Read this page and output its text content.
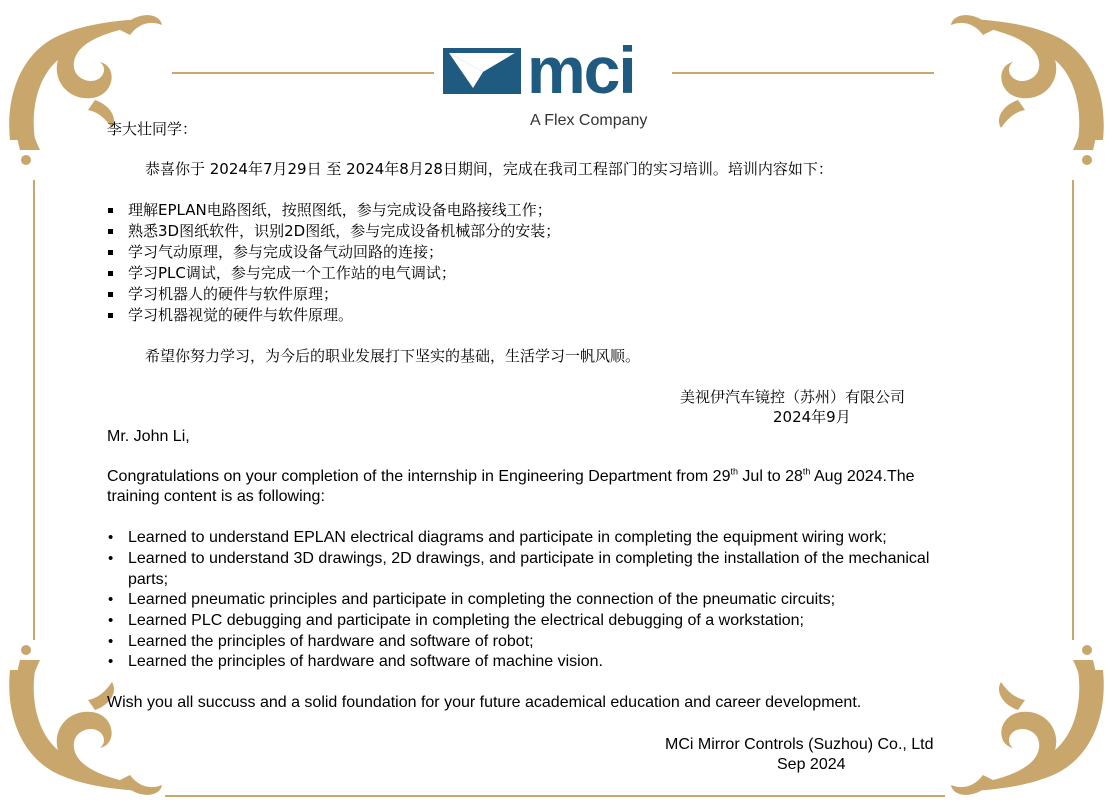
mci
A Flex Company
李大壮同学：
恭喜你于 2024年7月29日 至 2024年8月28日期间，完成在我司工程部门的实习培训。培训内容如下：
理解EPLAN电路图纸，按照图纸，参与完成设备电路接线工作；
熟悉3D图纸软件，识别2D图纸，参与完成设备机械部分的安装；
学习气动原理，参与完成设备气动回路的连接；
学习PLC调试，参与完成一个工作站的电气调试；
学习机器人的硬件与软件原理；
学习机器视觉的硬件与软件原理。
希望你努力学习，为今后的职业发展打下坚实的基础，生活学习一帆风顺。
美视伊汽车镜控（苏州）有限公司
2024年9月
Mr. John Li,
Congratulations on your completion of the internship in Engineering Department from 29th Jul to 28th Aug 2024.The
training content is as following:
• Learned to understand EPLAN electrical diagrams and participate in completing the equipment wiring work;
• Learned to understand 3D drawings, 2D drawings, and participate in completing the installation of the mechanical
parts;
• Learned pneumatic principles and participate in completing the connection of the pneumatic circuits;
• Learned PLC debugging and participate in completing the electrical debugging of a workstation;
• Learned the principles of hardware and software of robot;
• Learned the principles of hardware and software of machine vision.
Wish you all succuss and a solid foundation for your future academical education and career development.
MCi Mirror Controls (Suzhou) Co., Ltd
Sep 2024
